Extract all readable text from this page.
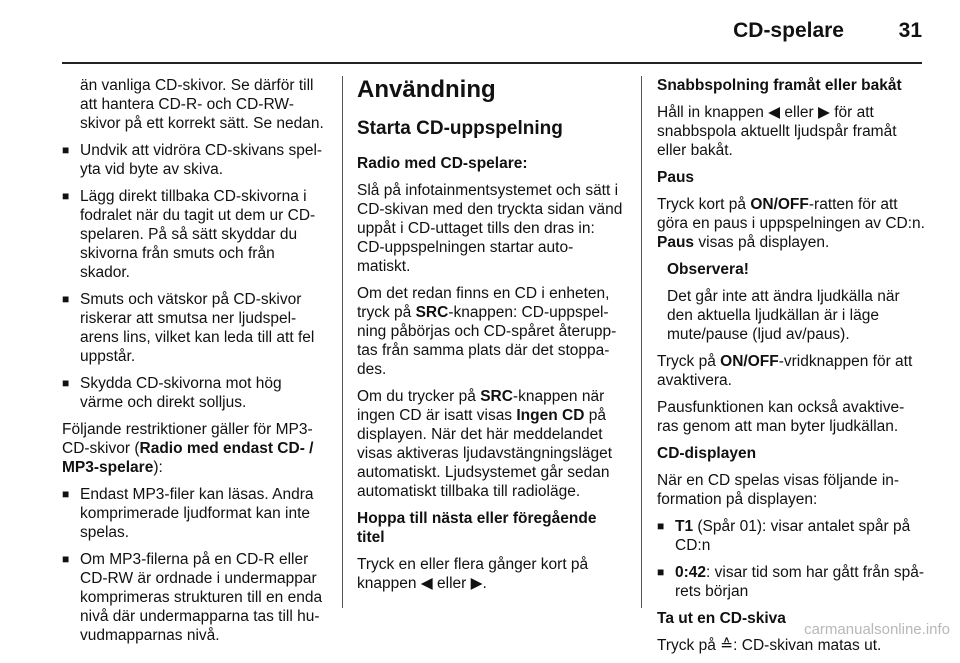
CD-spelare	31

än vanliga CD-skivor. Se därför till att hantera CD-R- och CD-RW-skivor på ett korrekt sätt. Se nedan.

■ Undvik att vidröra CD-skivans spel-yta vid byte av skiva.
■ Lägg direkt tillbaka CD-skivorna i fodralet när du tagit ut dem ur CD-spelaren. På så sätt skyddar du skivorna från smuts och från skador.
■ Smuts och vätskor på CD-skivor riskerar att smutsa ner ljudspel-arens lins, vilket kan leda till att fel uppstår.
■ Skydda CD-skivorna mot hög värme och direkt solljus.

Följande restriktioner gäller för MP3-CD-skivor (Radio med endast CD- / MP3-spelare):

■ Endast MP3-filer kan läsas. Andra komprimerade ljudformat kan inte spelas.
■ Om MP3-filerna på en CD-R eller CD-RW är ordnade i undermappar komprimeras strukturen till en enda nivå där undermapparna tas till hu-vudmapparnas nivå.
Användning
Starta CD-uppspelning

Radio med CD-spelare:

Slå på infotainmentsystemet och sätt i CD-skivan med den tryckta sidan vänd uppåt i CD-uttaget tills den dras in: CD-uppspelningen startar auto-matiskt.

Om det redan finns en CD i enheten, tryck på SRC-knappen: CD-uppspel-ning påbörjas och CD-spåret återupp-tas från samma plats där det stoppa-des.

Om du trycker på SRC-knappen när ingen CD är isatt visas Ingen CD på displayen. När det här meddelandet visas aktiveras ljudavstängningsläget automatiskt. Ljudsystemet går sedan automatiskt tillbaka till radioläge.

Hoppa till nästa eller föregående titel

Tryck en eller flera gånger kort på knappen ◀ eller ▶.

Snabbspolning framåt eller bakåt

Håll in knappen ◀ eller ▶ för att snabbspola aktuellt ljudspår framåt eller bakåt.

Paus

Tryck kort på ON/OFF-ratten för att göra en paus i uppspelningen av CD:n. Paus visas på displayen.

Observera!

Det går inte att ändra ljudkälla när den aktuella ljudkällan är i läge mute/pause (ljud av/paus).

Tryck på ON/OFF-vridknappen för att avaktivera.

Pausfunktionen kan också avaktive-ras genom att man byter ljudkällan.

CD-displayen

När en CD spelas visas följande in-formation på displayen:

■ T1 (Spår 01): visar antalet spår på CD:n
■ 0:42: visar tid som har gått från spå-rets början

Ta ut en CD-skiva

Tryck på ≙: CD-skivan matas ut.

carmanualsonline.info
